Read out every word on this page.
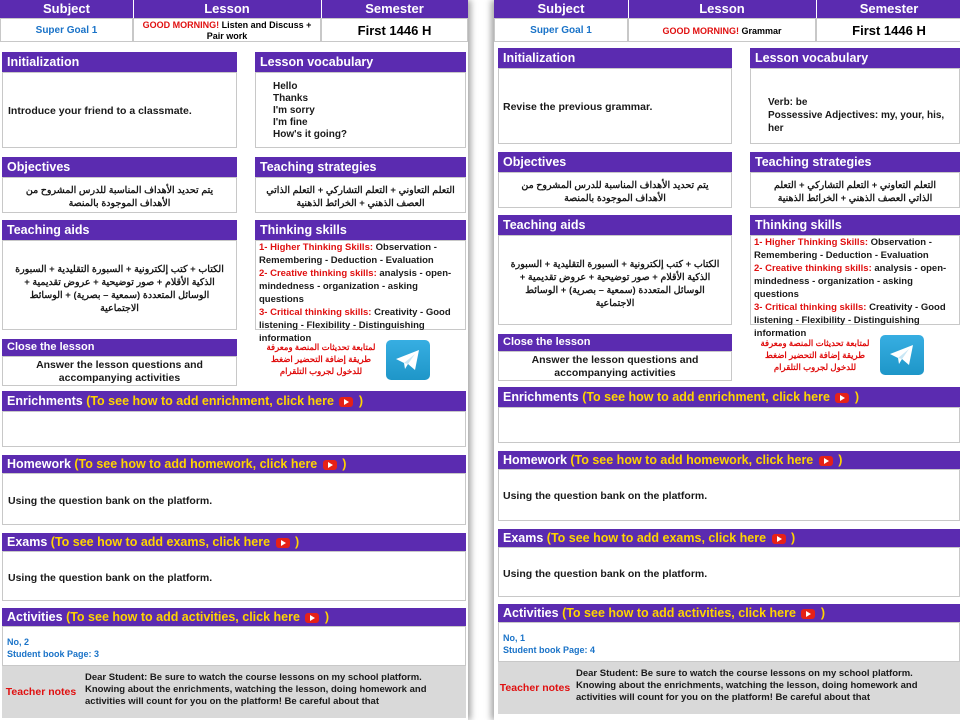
Subject	Lesson	Semester
Super Goal 1	GOOD MORNING! Listen and Discuss + Pair work	First 1446 H
Initialization
Introduce your friend to a classmate.
Lesson vocabulary
Hello
Thanks
I'm sorry
I'm fine
How's it going?
Objectives
يتم تحديد الأهداف المناسبة للدرس المشروح من الأهداف الموجودة بالمنصة
Teaching strategies
التعلم التعاوني + التعلم التشاركي + التعلم الذاتي العصف الذهني + الخرائط الذهنية
Teaching aids
الكتاب + كتب إلكترونية + السبورة التقليدية + السبورة الذكية الأقلام + صور توضيحية + عروض تقديمية + الوسائل المتعددة (سمعية – بصرية) + الوسائط الاجتماعية
Thinking skills
1- Higher Thinking Skills: Observation - Remembering - Deduction - Evaluation
2- Creative thinking skills: analysis - open-mindedness - organization - asking questions
3- Critical thinking skills: Creativity - Good listening - Flexibility - Distinguishing information
Close the lesson
Answer the lesson questions and accompanying activities
لمتابعة تحديثات المنصة ومعرفة طريقة إضافة التحضير اضغط للدخول لجروب التلقرام
Enrichments (To see how to add enrichment, click here  )
Homework (To see how to add homework, click here  )
Using the question bank on the platform.
Exams (To see how to add exams, click here  )
Using the question bank on the platform.
Activities (To see how to add activities, click here  )
No, 2
Student book Page: 3
Teacher notes
Dear Student: Be sure to watch the course lessons on my school platform. Knowing about the enrichments, watching the lesson, doing homework and activities will count for you on the platform! Be careful about that
Subject	Lesson	Semester
Super Goal 1	GOOD MORNING! Grammar	First 1446 H
Initialization
Revise the previous grammar.
Lesson vocabulary
Verb: be
Possessive Adjectives: my, your, his, her
Objectives
يتم تحديد الأهداف المناسبة للدرس المشروح من الأهداف الموجودة بالمنصة
Teaching strategies
التعلم التعاوني + التعلم التشاركي + التعلم الذاتي العصف الذهني + الخرائط الذهنية
Teaching aids
الكتاب + كتب إلكترونية + السبورة التقليدية + السبورة الذكية الأقلام + صور توضيحية + عروض تقديمية + الوسائل المتعددة (سمعية – بصرية) + الوسائط الاجتماعية
Thinking skills
1- Higher Thinking Skills: Observation - Remembering - Deduction - Evaluation
2- Creative thinking skills: analysis - open-mindedness - organization - asking questions
3- Critical thinking skills: Creativity - Good listening - Flexibility - Distinguishing information
Close the lesson
Answer the lesson questions and accompanying activities
لمتابعة تحديثات المنصة ومعرفة طريقة إضافة التحضير اضغط للدخول لجروب التلقرام
Enrichments (To see how to add enrichment, click here  )
Homework (To see how to add homework, click here  )
Using the question bank on the platform.
Exams (To see how to add exams, click here  )
Using the question bank on the platform.
Activities (To see how to add activities, click here  )
No, 1
Student book Page: 4
Teacher notes
Dear Student: Be sure to watch the course lessons on my school platform. Knowing about the enrichments, watching the lesson, doing homework and activities will count for you on the platform! Be careful about that
